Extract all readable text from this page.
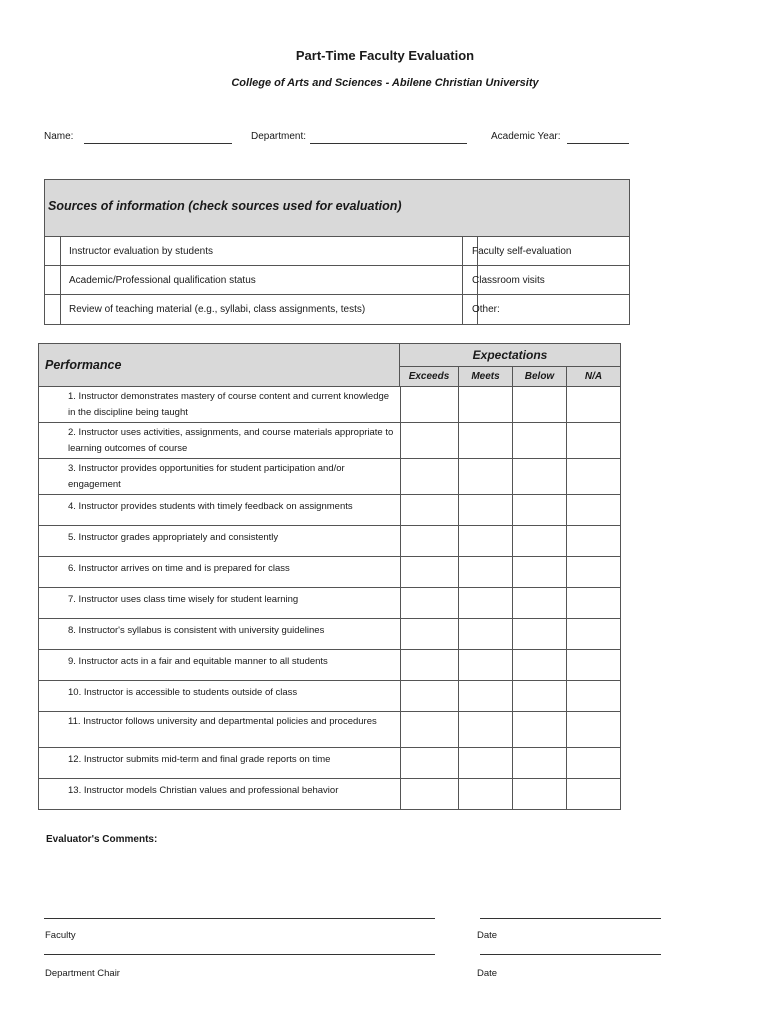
Part-Time Faculty Evaluation
College of Arts and Sciences - Abilene Christian University
Name:	Department:	Academic Year:
Sources of information (check sources used for evaluation)
Instructor evaluation by students	Faculty self-evaluation
Academic/Professional qualification status	Classroom visits
Review of teaching material (e.g., syllabi, class assignments, tests)	Other:
Performance
Expectations
Exceeds	Meets	Below	N/A
1. Instructor demonstrates mastery of course content and current knowledge in the discipline being taught
2. Instructor uses activities, assignments, and course materials appropriate to learning outcomes of course
3. Instructor provides opportunities for student participation and/or engagement
4. Instructor provides students with timely feedback on assignments
5. Instructor grades appropriately and consistently
6. Instructor arrives on time and is prepared for class
7. Instructor uses class time wisely for student learning
8. Instructor's syllabus is consistent with university guidelines
9. Instructor acts in a fair and equitable manner to all students
10. Instructor is accessible to students outside of class
11. Instructor follows university and departmental policies and procedures
12. Instructor submits mid-term and final grade reports on time
13. Instructor models Christian values and professional behavior
Evaluator's Comments:
Faculty	Date
Department Chair	Date
